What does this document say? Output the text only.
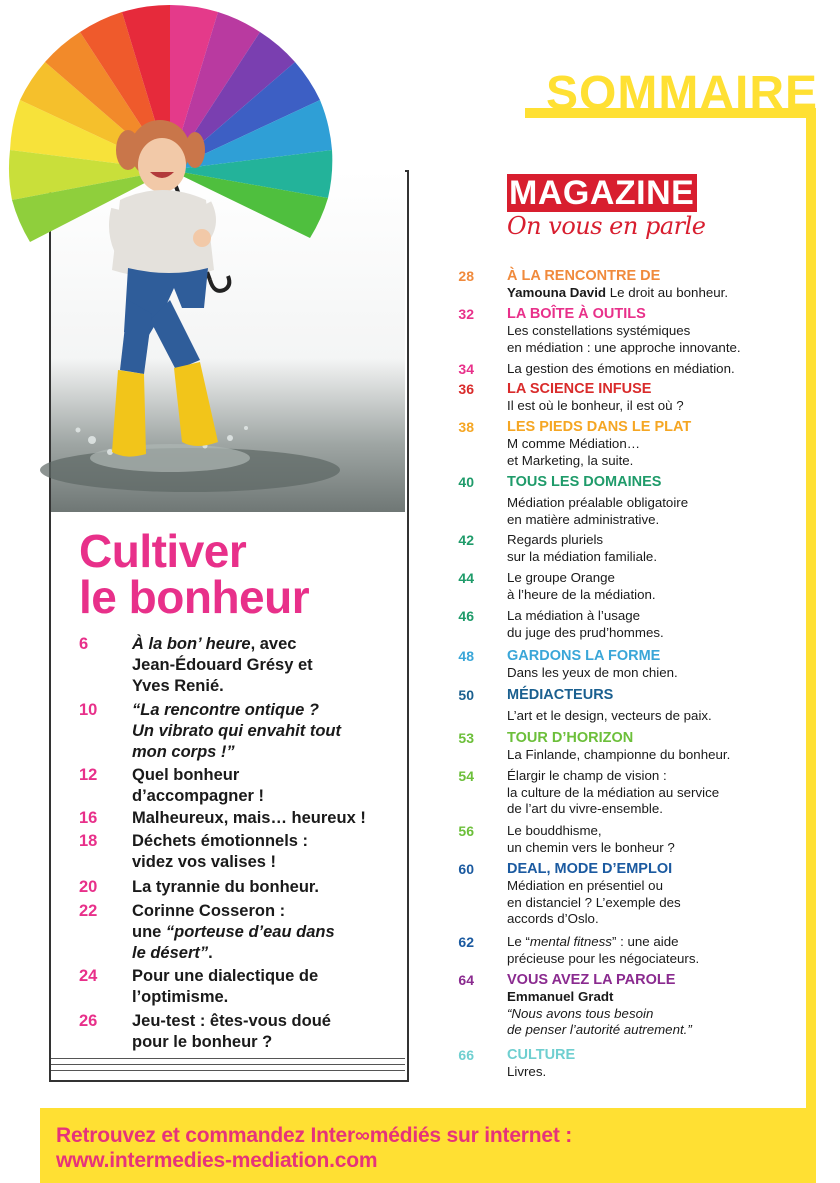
SOMMAIRE
Cultiver
le bonheur
6	À la bon’ heure, avec
Jean-Édouard Grésy et
Yves Renié.
10 “La rencontre ontique ?
Un vibrato qui envahit tout
mon corps !”
12 Quel bonheur
d’accompagner !
16 Malheureux, mais… heureux !
18 Déchets émotionnels :
videz vos valises !
20 La tyrannie du bonheur.
22 Corinne Cosseron :
une “porteuse d’eau dans
le désert”.
24 Pour une dialectique de
l’optimisme.
26 Jeu-test : êtes-vous doué
pour le bonheur ?
MAGAZINE
On vous en parle
28 À LA RENCONTRE DE
Yamouna David Le droit au bonheur.
32 LA BOÎTE À OUTILS
Les constellations systémiques
en médiation : une approche innovante.
34 La gestion des émotions en médiation.
36 LA SCIENCE INFUSE
Il est où le bonheur, il est où ?
38 LES PIEDS DANS LE PLAT
M comme Médiation…
et Marketing, la suite.
40 TOUS LES DOMAINES
Médiation préalable obligatoire
en matière administrative.
42 Regards pluriels
sur la médiation familiale.
44 Le groupe Orange
à l’heure de la médiation.
46 La médiation à l’usage
du juge des prud’hommes.
48 GARDONS LA FORME
Dans les yeux de mon chien.
50 MÉDIACTEURS
L’art et le design, vecteurs de paix.
53 TOUR D’HORIZON
La Finlande, championne du bonheur.
54 Élargir le champ de vision :
la culture de la médiation au service
de l’art du vivre-ensemble.
56 Le bouddhisme,
un chemin vers le bonheur ?
60 DEAL, MODE D’EMPLOI
Médiation en présentiel ou
en distanciel ? L’exemple des
accords d’Oslo.
62 Le “mental fitness” : une aide
précieuse pour les négociateurs.
64 VOUS AVEZ LA PAROLE
Emmanuel Gradt
“Nous avons tous besoin
de penser l’autorité autrement.”
66 CULTURE
Livres.
Retrouvez et commandez Inter∞médiés sur internet :
www.intermedies-mediation.com
